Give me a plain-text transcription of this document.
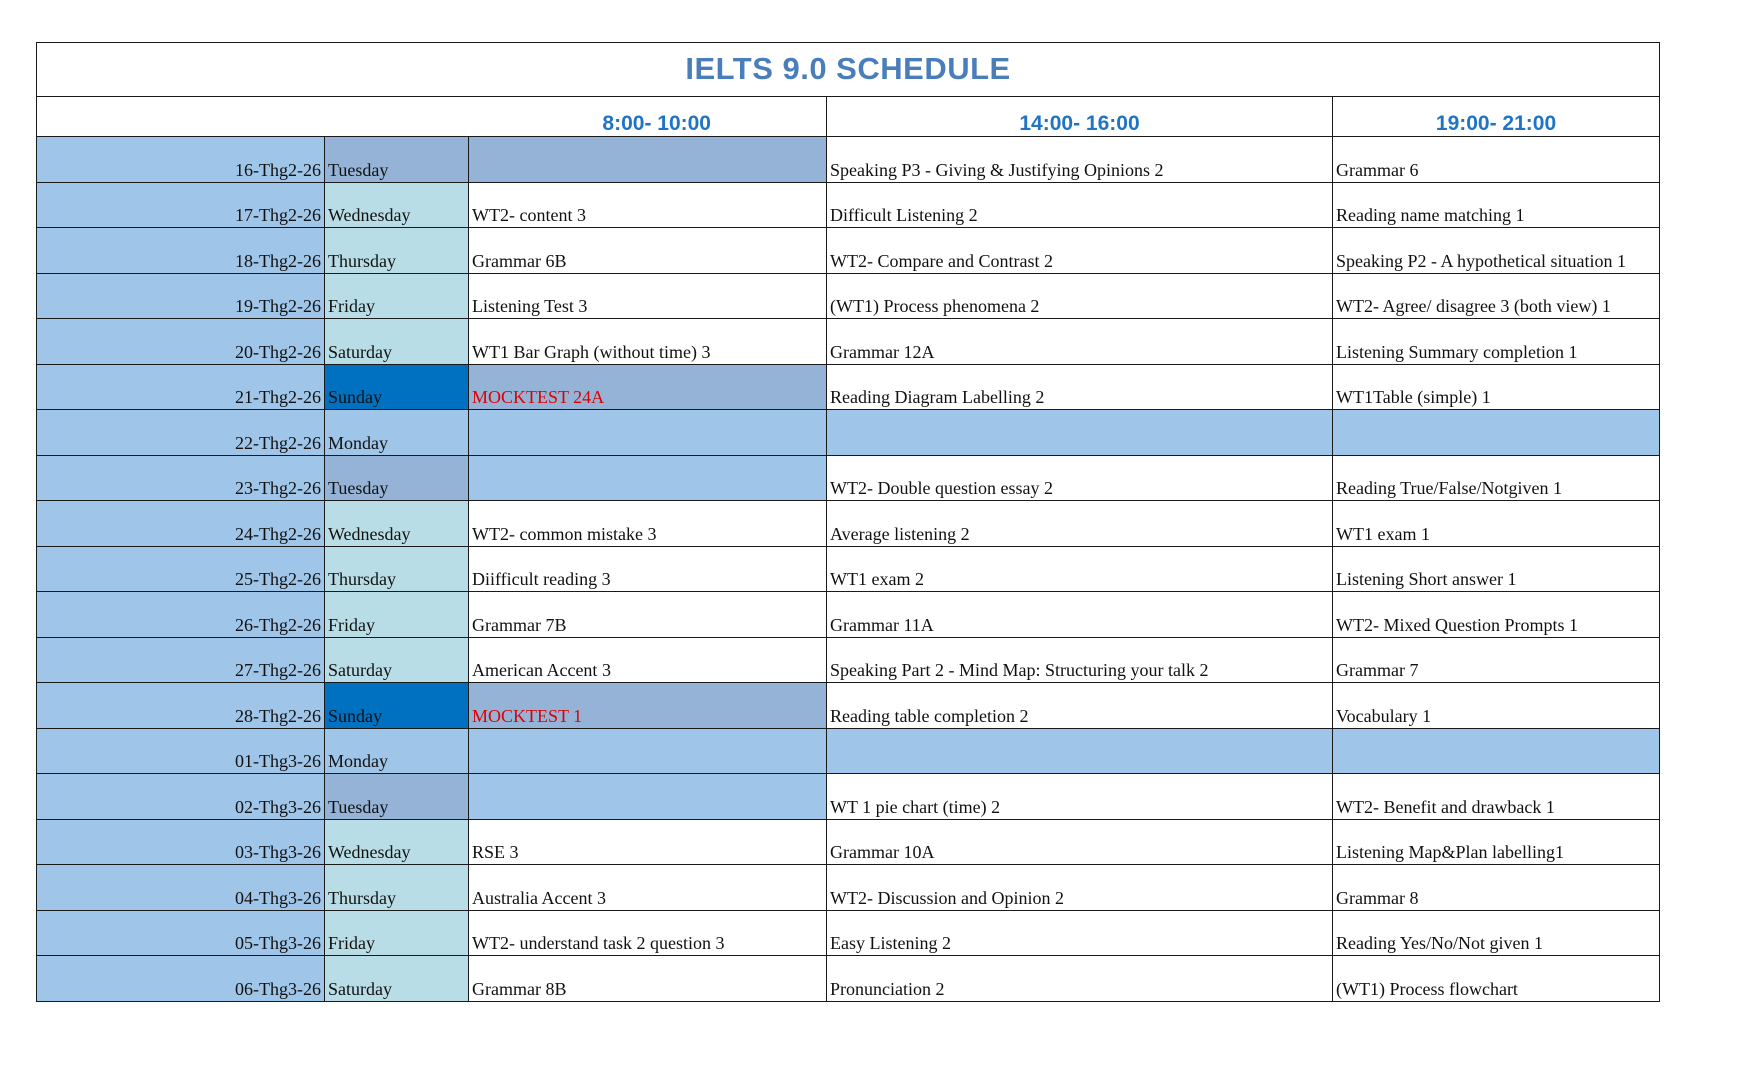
IELTS 9.0 SCHEDULE				
8:00- 10:00			14:00- 16:00	19:00- 21:00
16-Thg2-26	Tuesday		Speaking P3 - Giving & Justifying Opinions 2	Grammar 6
17-Thg2-26	Wednesday	WT2- content 3	Difficult Listening 2	Reading name matching 1
18-Thg2-26	Thursday	Grammar 6B	WT2- Compare and Contrast 2	Speaking P2 - A hypothetical situation 1
19-Thg2-26	Friday	Listening Test 3	(WT1) Process phenomena 2	WT2- Agree/ disagree 3 (both view) 1
20-Thg2-26	Saturday	WT1 Bar Graph (without time) 3	Grammar 12A	Listening Summary completion 1
21-Thg2-26	Sunday	MOCKTEST 24A	Reading Diagram Labelling 2	WT1Table (simple) 1
22-Thg2-26	Monday			
23-Thg2-26	Tuesday		WT2- Double question essay 2	Reading True/False/Notgiven 1
24-Thg2-26	Wednesday	WT2- common mistake 3	Average listening 2	WT1 exam 1
25-Thg2-26	Thursday	Diifficult reading 3	WT1 exam 2	Listening Short answer 1
26-Thg2-26	Friday	Grammar 7B	Grammar 11A	WT2- Mixed Question Prompts 1
27-Thg2-26	Saturday	American Accent 3	Speaking Part 2 - Mind Map: Structuring your talk 2	Grammar 7
28-Thg2-26	Sunday	MOCKTEST 1	Reading table completion 2	Vocabulary 1
01-Thg3-26	Monday			
02-Thg3-26	Tuesday		WT 1 pie chart (time) 2	WT2- Benefit and drawback 1
03-Thg3-26	Wednesday	RSE 3	Grammar 10A	Listening Map&Plan labelling1
04-Thg3-26	Thursday	Australia Accent 3	WT2- Discussion and Opinion 2	Grammar 8
05-Thg3-26	Friday	WT2- understand task 2 question 3	Easy Listening 2	Reading Yes/No/Not given 1
06-Thg3-26	Saturday	Grammar 8B	Pronunciation 2	(WT1) Process flowchart
